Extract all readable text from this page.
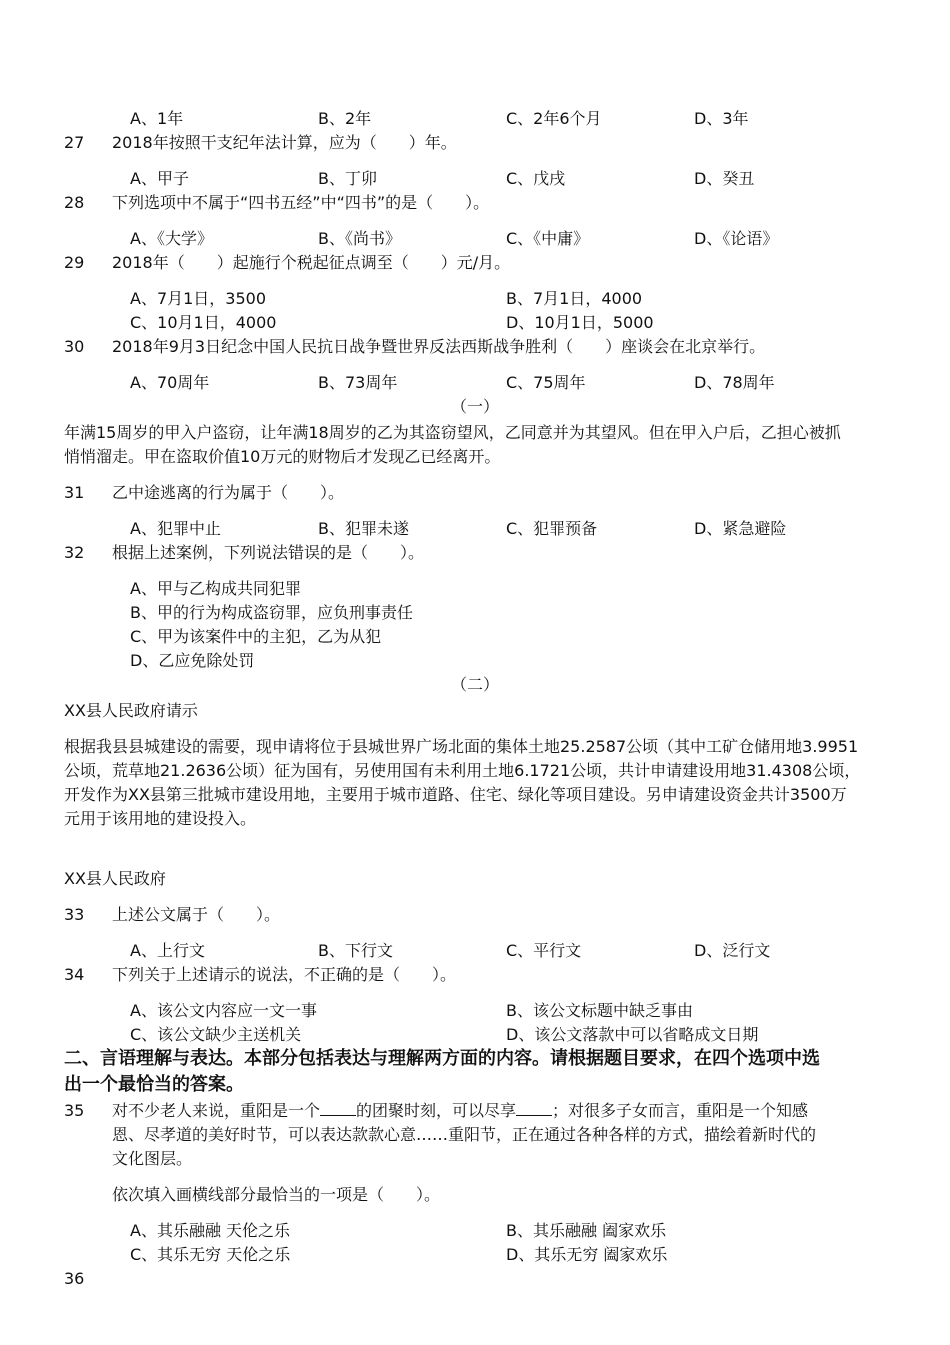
A、1年	B、2年	C、2年6个月	D、3年
27 2018年按照干支纪年法计算，应为（　　）年。
A、甲子	B、丁卯	C、戊戌	D、癸丑
28 下列选项中不属于“四书五经”中“四书”的是（　　）。
A、《大学》	B、《尚书》	C、《中庸》	D、《论语》
29 2018年（　　）起施行个税起征点调至（　　）元/月。
A、7月1日，3500	B、7月1日，4000
C、10月1日，4000	D、10月1日，5000
30 2018年9月3日纪念中国人民抗日战争暨世界反法西斯战争胜利（　　）座谈会在北京举行。
A、70周年	B、73周年	C、75周年	D、78周年
（一）
年满15周岁的甲入户盗窃，让年满18周岁的乙为其盗窃望风，乙同意并为其望风。但在甲入户后，乙担心被抓
悄悄溜走。甲在盗取价值10万元的财物后才发现乙已经离开。
31 乙中途逃离的行为属于（　　）。
A、犯罪中止	B、犯罪未遂	C、犯罪预备	D、紧急避险
32 根据上述案例，下列说法错误的是（　　）。
A、甲与乙构成共同犯罪
B、甲的行为构成盗窃罪，应负刑事责任
C、甲为该案件中的主犯，乙为从犯
D、乙应免除处罚
（二）
XX县人民政府请示
根据我县县城建设的需要，现申请将位于县城世界广场北面的集体土地25.2587公顷（其中工矿仓储用地3.9951
公顷，荒草地21.2636公顷）征为国有，另使用国有未利用土地6.1721公顷，共计申请建设用地31.4308公顷，
开发作为XX县第三批城市建设用地，主要用于城市道路、住宅、绿化等项目建设。另申请建设资金共计3500万
元用于该用地的建设投入。
XX县人民政府
33 上述公文属于（　　）。
A、上行文	B、下行文	C、平行文	D、泛行文
34 下列关于上述请示的说法，不正确的是（　　）。
A、该公文内容应一文一事	B、该公文标题中缺乏事由
C、该公文缺少主送机关	D、该公文落款中可以省略成文日期
二、言语理解与表达。本部分包括表达与理解两方面的内容。请根据题目要求，在四个选项中选
出一个最恰当的答案。
35 对不少老人来说，重阳是一个 的团聚时刻，可以尽享 ；对很多子女而言，重阳是一个知感
恩、尽孝道的美好时节，可以表达款款心意……重阳节，正在通过各种各样的方式，描绘着新时代的
文化图层。
依次填入画横线部分最恰当的一项是（　　）。
A、其乐融融 天伦之乐	B、其乐融融 阖家欢乐
C、其乐无穷 天伦之乐	D、其乐无穷 阖家欢乐
36
